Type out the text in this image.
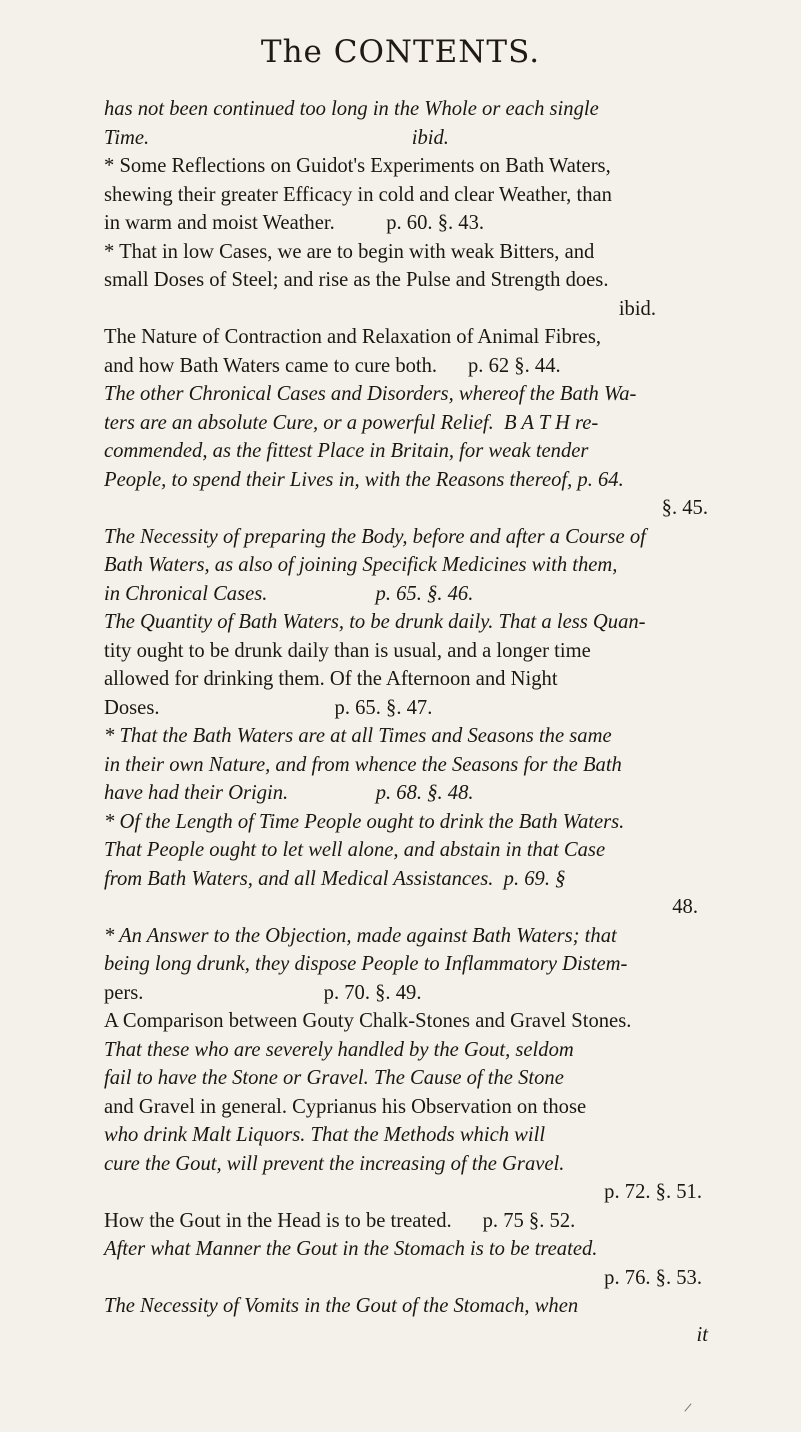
The CONTENTS.
has not been continued too long in the Whole or each single
Time.                                                   ibid.
* Some Reflections on Guidot's Experiments on Bath Waters,
shewing their greater Efficacy in cold and clear Weather, than
in warm and moist Weather.          p. 60. §. 43.
* That in low Cases, we are to begin with weak Bitters, and
small Doses of Steel; and rise as the Pulse and Strength does.
ibid.
The Nature of Contraction and Relaxation of Animal Fibres,
and how Bath Waters came to cure both.      p. 62 §. 44.
The other Chronical Cases and Disorders, whereof the Bath Wa-
ters are an absolute Cure, or a powerful Relief.  B A T H re-
commended, as the fittest Place in Britain, for weak tender
People, to spend their Lives in, with the Reasons thereof, p. 64.
§. 45.
The Necessity of preparing the Body, before and after a Course of
Bath Waters, as also of joining Specifick Medicines with them,
in Chronical Cases.                     p. 65. §. 46.
The Quantity of Bath Waters, to be drunk daily. That a less Quan-
tity ought to be drunk daily than is usual, and a longer time
allowed for drinking them. Of the Afternoon and Night
Doses.                                  p. 65. §. 47.
* That the Bath Waters are at all Times and Seasons the same
in their own Nature, and from whence the Seasons for the Bath
have had their Origin.                 p. 68. §. 48.
* Of the Length of Time People ought to drink the Bath Waters.
That People ought to let well alone, and abstain in that Case
from Bath Waters, and all Medical Assistances.  p. 69. §
48.
* An Answer to the Objection, made against Bath Waters; that
being long drunk, they dispose People to Inflammatory Distem-
pers.                                   p. 70. §. 49.
A Comparison between Gouty Chalk-Stones and Gravel Stones.
That these who are severely handled by the Gout, seldom
fail to have the Stone or Gravel. The Cause of the Stone
and Gravel in general. Cyprianus his Observation on those
who drink Malt Liquors. That the Methods which will
cure the Gout, will prevent the increasing of the Gravel.
p. 72. §. 51.
How the Gout in the Head is to be treated.      p. 75 §. 52.
After what Manner the Gout in the Stomach is to be treated.
p. 76. §. 53.
The Necessity of Vomits in the Gout of the Stomach, when
it
